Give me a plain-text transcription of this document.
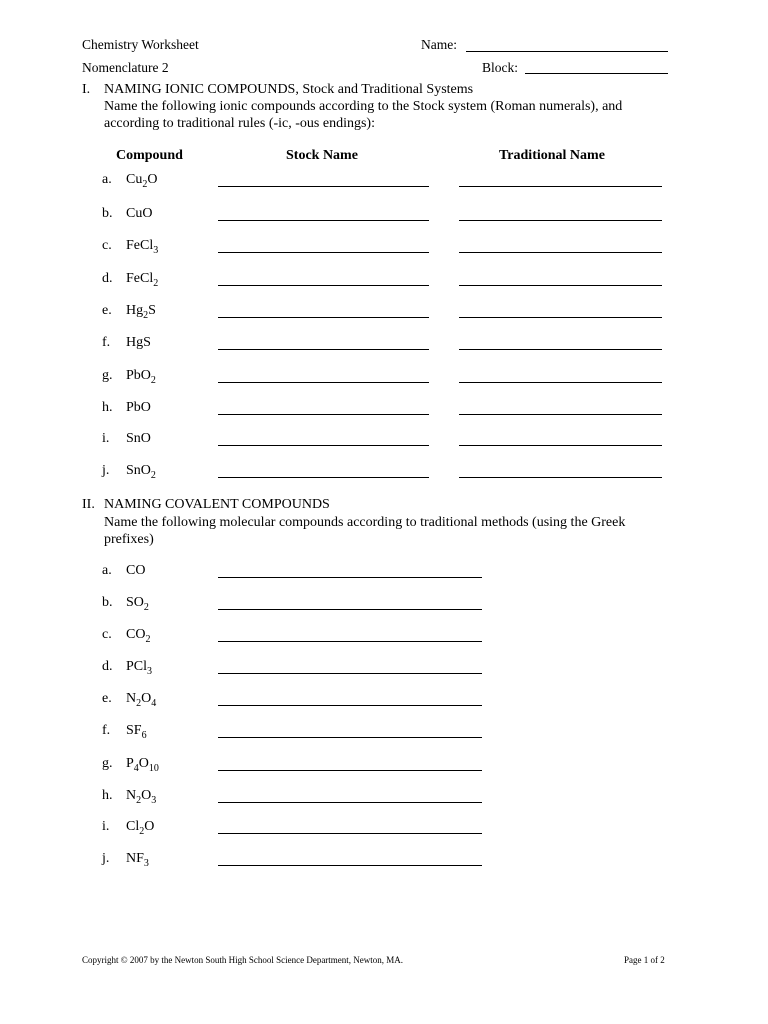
Chemistry Worksheet
Nomenclature 2
Name:
Block:
I. NAMING IONIC COMPOUNDS, Stock and Traditional Systems
Name the following ionic compounds according to the Stock system (Roman numerals), and according to traditional rules (-ic, -ous endings):
Compound	Stock Name	Traditional Name
a. $Cu_2O$
b. CuO
c. FeCl$_3$
d. FeCl$_2$
e. $Hg_2S$
f. HgS
g. PbO$_2$
h. PbO
i. SnO
j. SnO$_2$
II. NAMING COVALENT COMPOUNDS
Name the following molecular compounds according to traditional methods (using the Greek prefixes)
a. CO
b. $SO_2$
c. $CO_2$
d. PCl$_3$
e. $N_2O_4$
f. $SF_6$
g. $P_4O_{10}$
h. $N_2O_3$
i. $Cl_2O$
j. $NF_3$
Copyright © 2007 by the Newton South High School Science Department, Newton, MA.	Page 1 of 2
